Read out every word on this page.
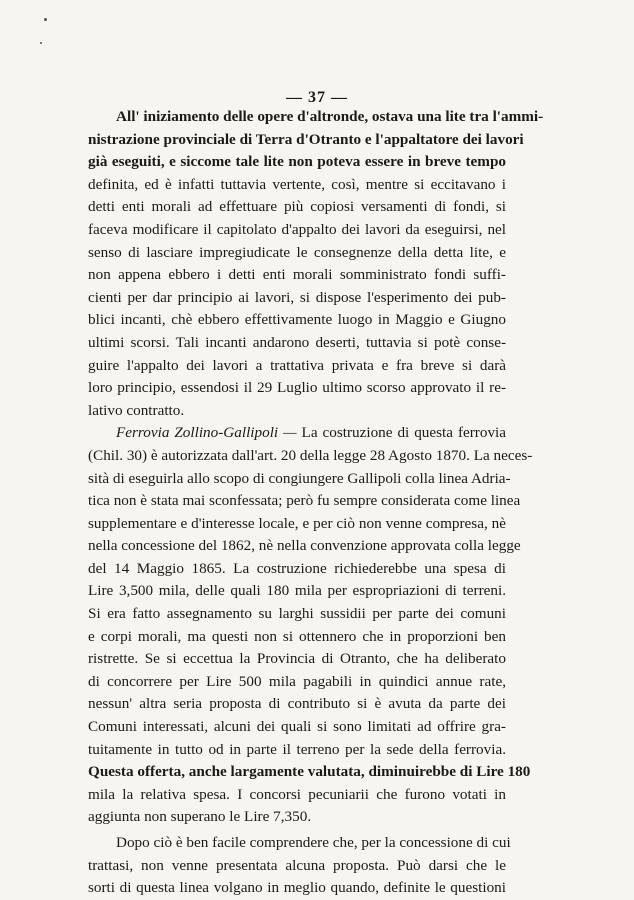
— 37 —
All' iniziamento delle opere d'altronde, ostava una lite tra l'ammi-
nistrazione provinciale di Terra d'Otranto e l'appaltatore dei lavori
già eseguiti, e siccome tale lite non poteva essere in breve tempo
definita, ed è infatti tuttavia vertente, così, mentre si eccitavano i
detti enti morali ad effettuare più copiosi versamenti di fondi, si
faceva modificare il capitolato d'appalto dei lavori da eseguirsi, nel
senso di lasciare impregiudicate le consegnenze della detta lite, e
non appena ebbero i detti enti morali somministrato fondi suffi-
cienti per dar principio ai lavori, si dispose l'esperimento dei pub-
blici incanti, chè ebbero effettivamente luogo in Maggio e Giugno
ultimi scorsi. Tali incanti andarono deserti, tuttavia si potè conse-
guire l'appalto dei lavori a trattativa privata e fra breve si darà
loro principio, essendosi il 29 Luglio ultimo scorso approvato il re-
lativo contratto.
Ferrovia Zollino-Gallipoli — La costruzione di questa ferrovia
(Chil. 30) è autorizzata dall'art. 20 della legge 28 Agosto 1870. La neces-
sità di eseguirla allo scopo di congiungere Gallipoli colla linea Adria-
tica non è stata mai sconfessata; però fu sempre considerata come linea
supplementare e d'interesse locale, e per ciò non venne compresa, nè
nella concessione del 1862, nè nella convenzione approvata colla legge
del 14 Maggio 1865. La costruzione richiederebbe una spesa di
Lire 3,500 mila, delle quali 180 mila per espropriazioni di terreni.
Si era fatto assegnamento su larghi sussidii per parte dei comuni
e corpi morali, ma questi non si ottennero che in proporzioni ben
ristrette. Se si eccettua la Provincia di Otranto, che ha deliberato
di concorrere per Lire 500 mila pagabili in quindici annue rate,
nessun' altra seria proposta di contributo si è avuta da parte dei
Comuni interessati, alcuni dei quali si sono limitati ad offrire gra-
tuitamente in tutto od in parte il terreno per la sede della ferrovia.
Questa offerta, anche largamente valutata, diminuirebbe di Lire 180
mila la relativa spesa. I concorsi pecuniarii che furono votati in
aggiunta non superano le Lire 7,350.
Dopo ciò è ben facile comprendere che, per la concessione di cui
trattasi, non venne presentata alcuna proposta. Può darsi che le
sorti di questa linea volgano in meglio quando, definite le questioni
